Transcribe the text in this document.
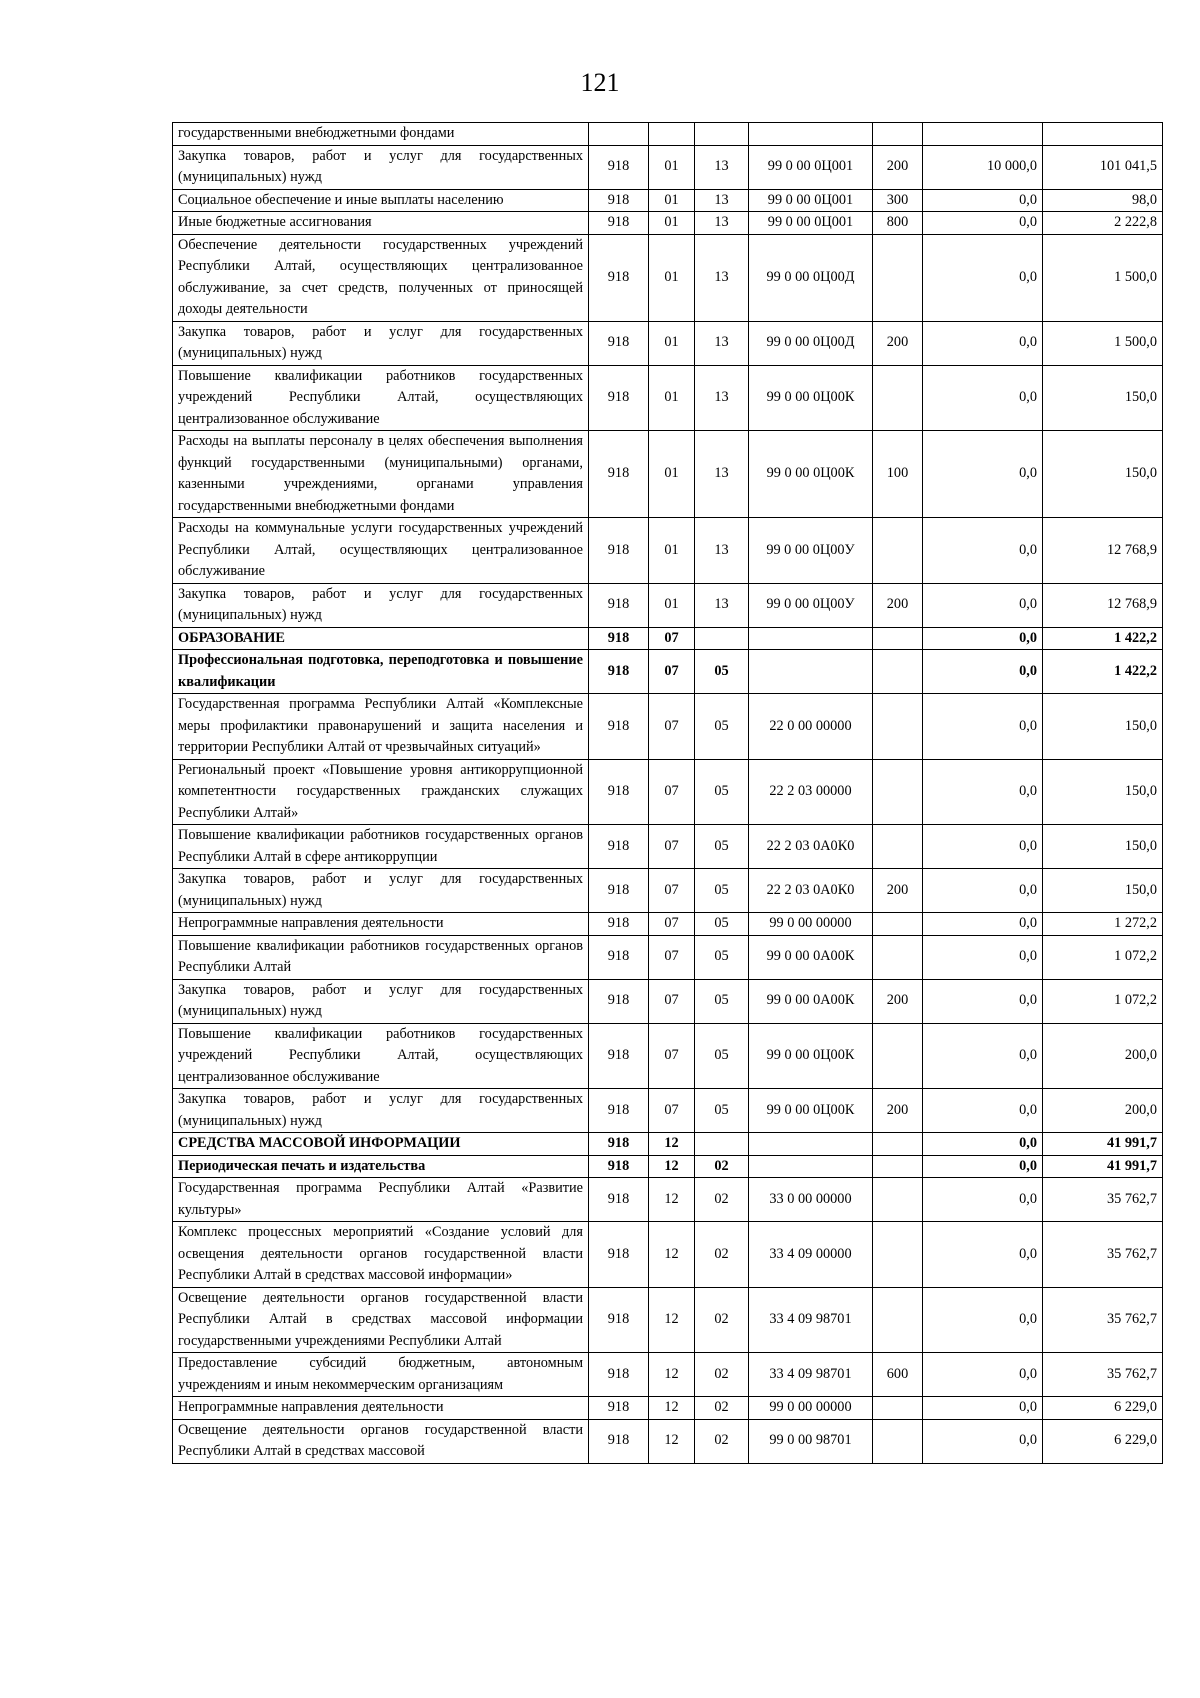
121
государственными внебюджетными фондами							
Закупка товаров, работ и услуг для государственных (муниципальных) нужд	918	01	13	99 0 00 0Ц001	200	10 000,0	101 041,5
Социальное обеспечение и иные выплаты населению	918	01	13	99 0 00 0Ц001	300	0,0	98,0
Иные бюджетные ассигнования	918	01	13	99 0 00 0Ц001	800	0,0	2 222,8
Обеспечение деятельности государственных учреждений Республики Алтай, осуществляющих централизованное обслуживание, за счет средств, полученных от приносящей доходы деятельности	918	01	13	99 0 00 0Ц00Д		0,0	1 500,0
Закупка товаров, работ и услуг для государственных (муниципальных) нужд	918	01	13	99 0 00 0Ц00Д	200	0,0	1 500,0
Повышение квалификации работников государственных учреждений Республики Алтай, осуществляющих централизованное обслуживание	918	01	13	99 0 00 0Ц00К		0,0	150,0
Расходы на выплаты персоналу в целях обеспечения выполнения функций государственными (муниципальными) органами, казенными учреждениями, органами управления государственными внебюджетными фондами	918	01	13	99 0 00 0Ц00К	100	0,0	150,0
Расходы на коммунальные услуги государственных учреждений Республики Алтай, осуществляющих централизованное обслуживание	918	01	13	99 0 00 0Ц00У		0,0	12 768,9
Закупка товаров, работ и услуг для государственных (муниципальных) нужд	918	01	13	99 0 00 0Ц00У	200	0,0	12 768,9
ОБРАЗОВАНИЕ	918	07				0,0	1 422,2
Профессиональная подготовка, переподготовка и повышение квалификации	918	07	05			0,0	1 422,2
Государственная программа Республики Алтай «Комплексные меры профилактики правонарушений и защита населения и территории Республики Алтай от чрезвычайных ситуаций»	918	07	05	22 0 00 00000		0,0	150,0
Региональный проект «Повышение уровня антикоррупционной компетентности государственных гражданских служащих Республики Алтай»	918	07	05	22 2 03 00000		0,0	150,0
Повышение квалификации работников государственных органов Республики Алтай в сфере антикоррупции	918	07	05	22 2 03 0А0К0		0,0	150,0
Закупка товаров, работ и услуг для государственных (муниципальных) нужд	918	07	05	22 2 03 0А0К0	200	0,0	150,0
Непрограммные направления деятельности	918	07	05	99 0 00 00000		0,0	1 272,2
Повышение квалификации работников государственных органов Республики Алтай	918	07	05	99 0 00 0А00К		0,0	1 072,2
Закупка товаров, работ и услуг для государственных (муниципальных) нужд	918	07	05	99 0 00 0А00К	200	0,0	1 072,2
Повышение квалификации работников государственных учреждений Республики Алтай, осуществляющих централизованное обслуживание	918	07	05	99 0 00 0Ц00К		0,0	200,0
Закупка товаров, работ и услуг для государственных (муниципальных) нужд	918	07	05	99 0 00 0Ц00К	200	0,0	200,0
СРЕДСТВА МАССОВОЙ ИНФОРМАЦИИ	918	12				0,0	41 991,7
Периодическая печать и издательства	918	12	02			0,0	41 991,7
Государственная программа Республики Алтай «Развитие культуры»	918	12	02	33 0 00 00000		0,0	35 762,7
Комплекс процессных мероприятий «Создание условий для освещения деятельности органов государственной власти Республики Алтай в средствах массовой информации»	918	12	02	33 4 09 00000		0,0	35 762,7
Освещение деятельности органов государственной власти Республики Алтай в средствах массовой информации государственными учреждениями Республики Алтай	918	12	02	33 4 09 98701		0,0	35 762,7
Предоставление субсидий бюджетным, автономным учреждениям и иным некоммерческим организациям	918	12	02	33 4 09 98701	600	0,0	35 762,7
Непрограммные направления деятельности	918	12	02	99 0 00 00000		0,0	6 229,0
Освещение деятельности органов государственной власти Республики Алтай в средствах массовой	918	12	02	99 0 00 98701		0,0	6 229,0
